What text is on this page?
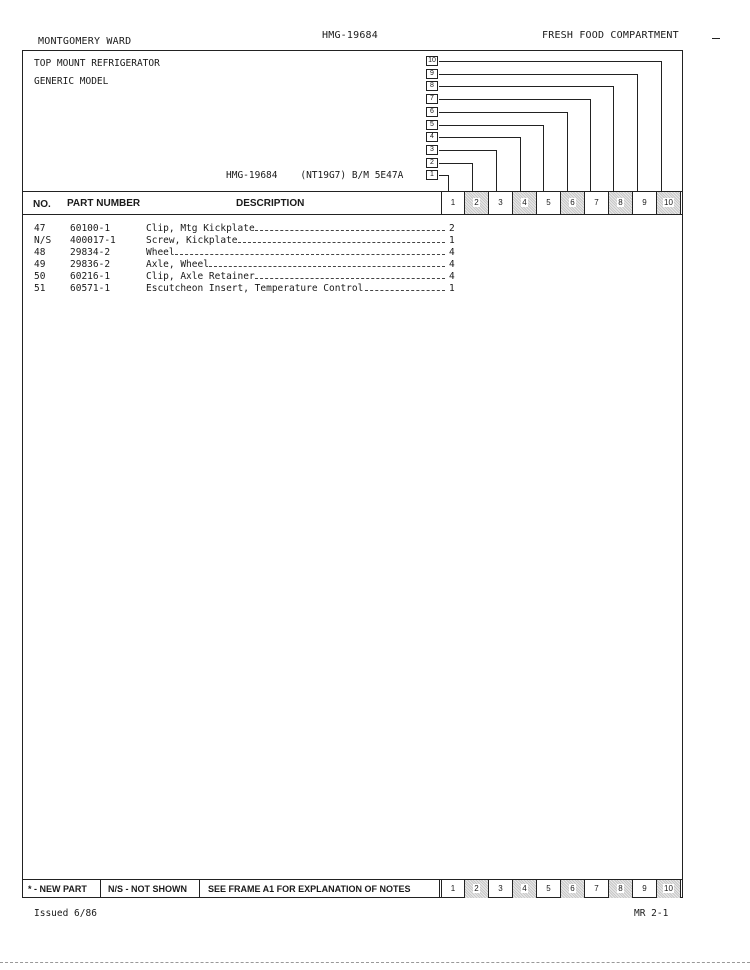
MONTGOMERY WARD
HMG-19684	FRESH FOOD COMPARTMENT
TOP MOUNT REFRIGERATOR
GENERIC MODEL
HMG-19684    (NT19G7) B/M 5E47A
10
9
8
7
6
5
4
3
2
1
NO. PART NUMBER	DESCRIPTION	1	2	3	4	5	6	7	8	9	10
47	60100-1	Clip, Mtg Kickplate	2
N/S 400017-1	Screw, Kickplate	1
48	29834-2	Wheel	4
49	29836-2	Axle, Wheel	4
50	60216-1	Clip, Axle Retainer	4
51	60571-1	Escutcheon Insert, Temperature Control	1
* - NEW PART N/S - NOT SHOWN SEE FRAME A1 FOR EXPLANATION OF NOTES	1	2	3	4	5	6	7	8	9	10
Issued 6/86	MR 2-1
